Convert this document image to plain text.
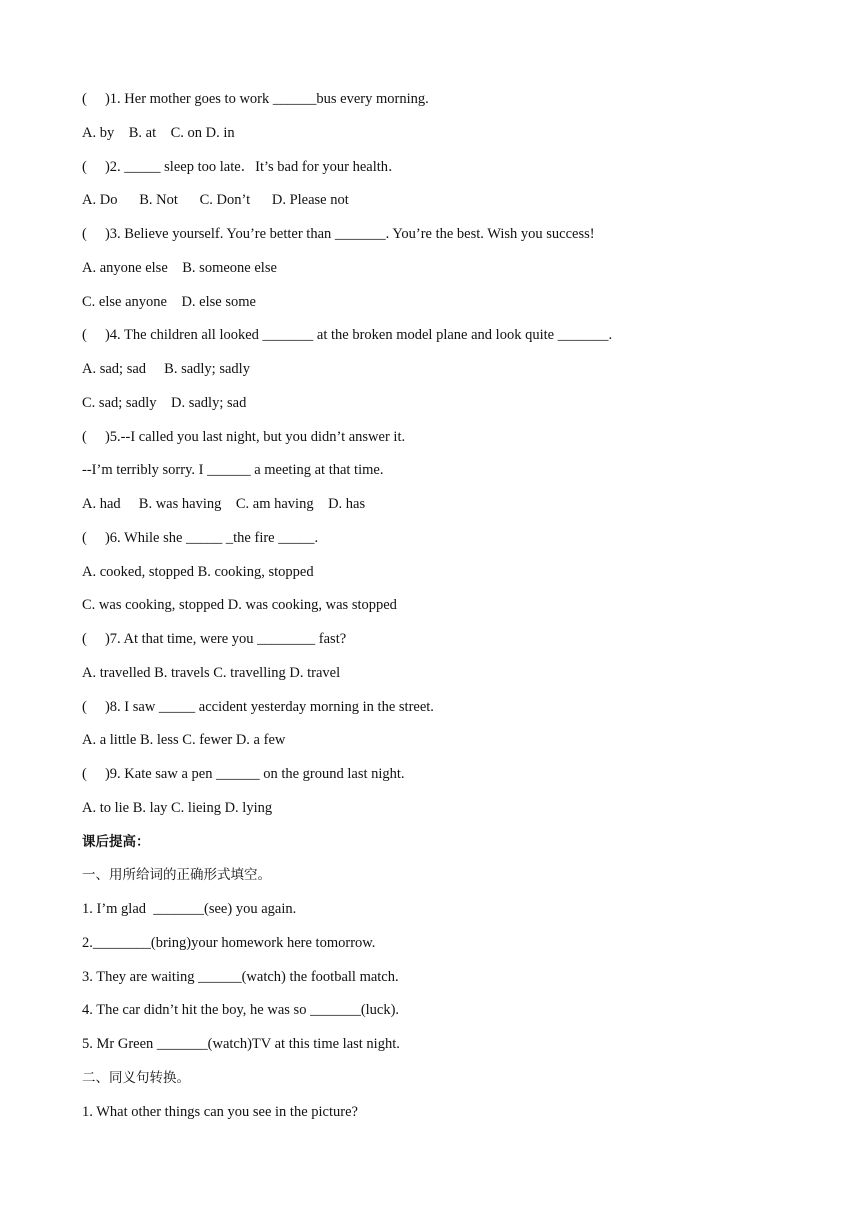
(     )1. Her mother goes to work ______bus every morning.
A. by    B. at    C. on D. in
(     )2. _____ sleep too late．It’s bad for your health．
A. Do      B. Not      C. Don’t      D. Please not
(     )3. Believe yourself. You’re better than _______. You’re the best. Wish you success!
A. anyone else    B. someone else
C. else anyone    D. else some
(     )4. The children all looked _______ at the broken model plane and look quite _______.
A. sad; sad     B. sadly; sadly
C. sad; sadly    D. sadly; sad
(     )5.--I called you last night, but you didn’t answer it.
--I’m terribly sorry. I ______ a meeting at that time.
A. had     B. was having    C. am having    D. has
(     )6. While she _____ _the fire _____.
A. cooked, stopped B. cooking, stopped
C. was cooking, stopped D. was cooking, was stopped
(     )7. At that time, were you ________ fast?
A. travelled B. travels C. travelling D. travel
(     )8. I saw _____ accident yesterday morning in the street.
A. a little B. less C. fewer D. a few
(     )9. Kate saw a pen ______ on the ground last night.
A. to lie B. lay C. lieing D. lying
课后提高：
一、用所给词的正确形式填空。
1. I’m glad  _______(see) you again.
2.________(bring)your homework here tomorrow.
3. They are waiting ______(watch) the football match.
4. The car didn’t hit the boy, he was so _______(luck).
5. Mr Green _______(watch)TV at this time last night.
二、同义句转换。
1. What other things can you see in the picture?
